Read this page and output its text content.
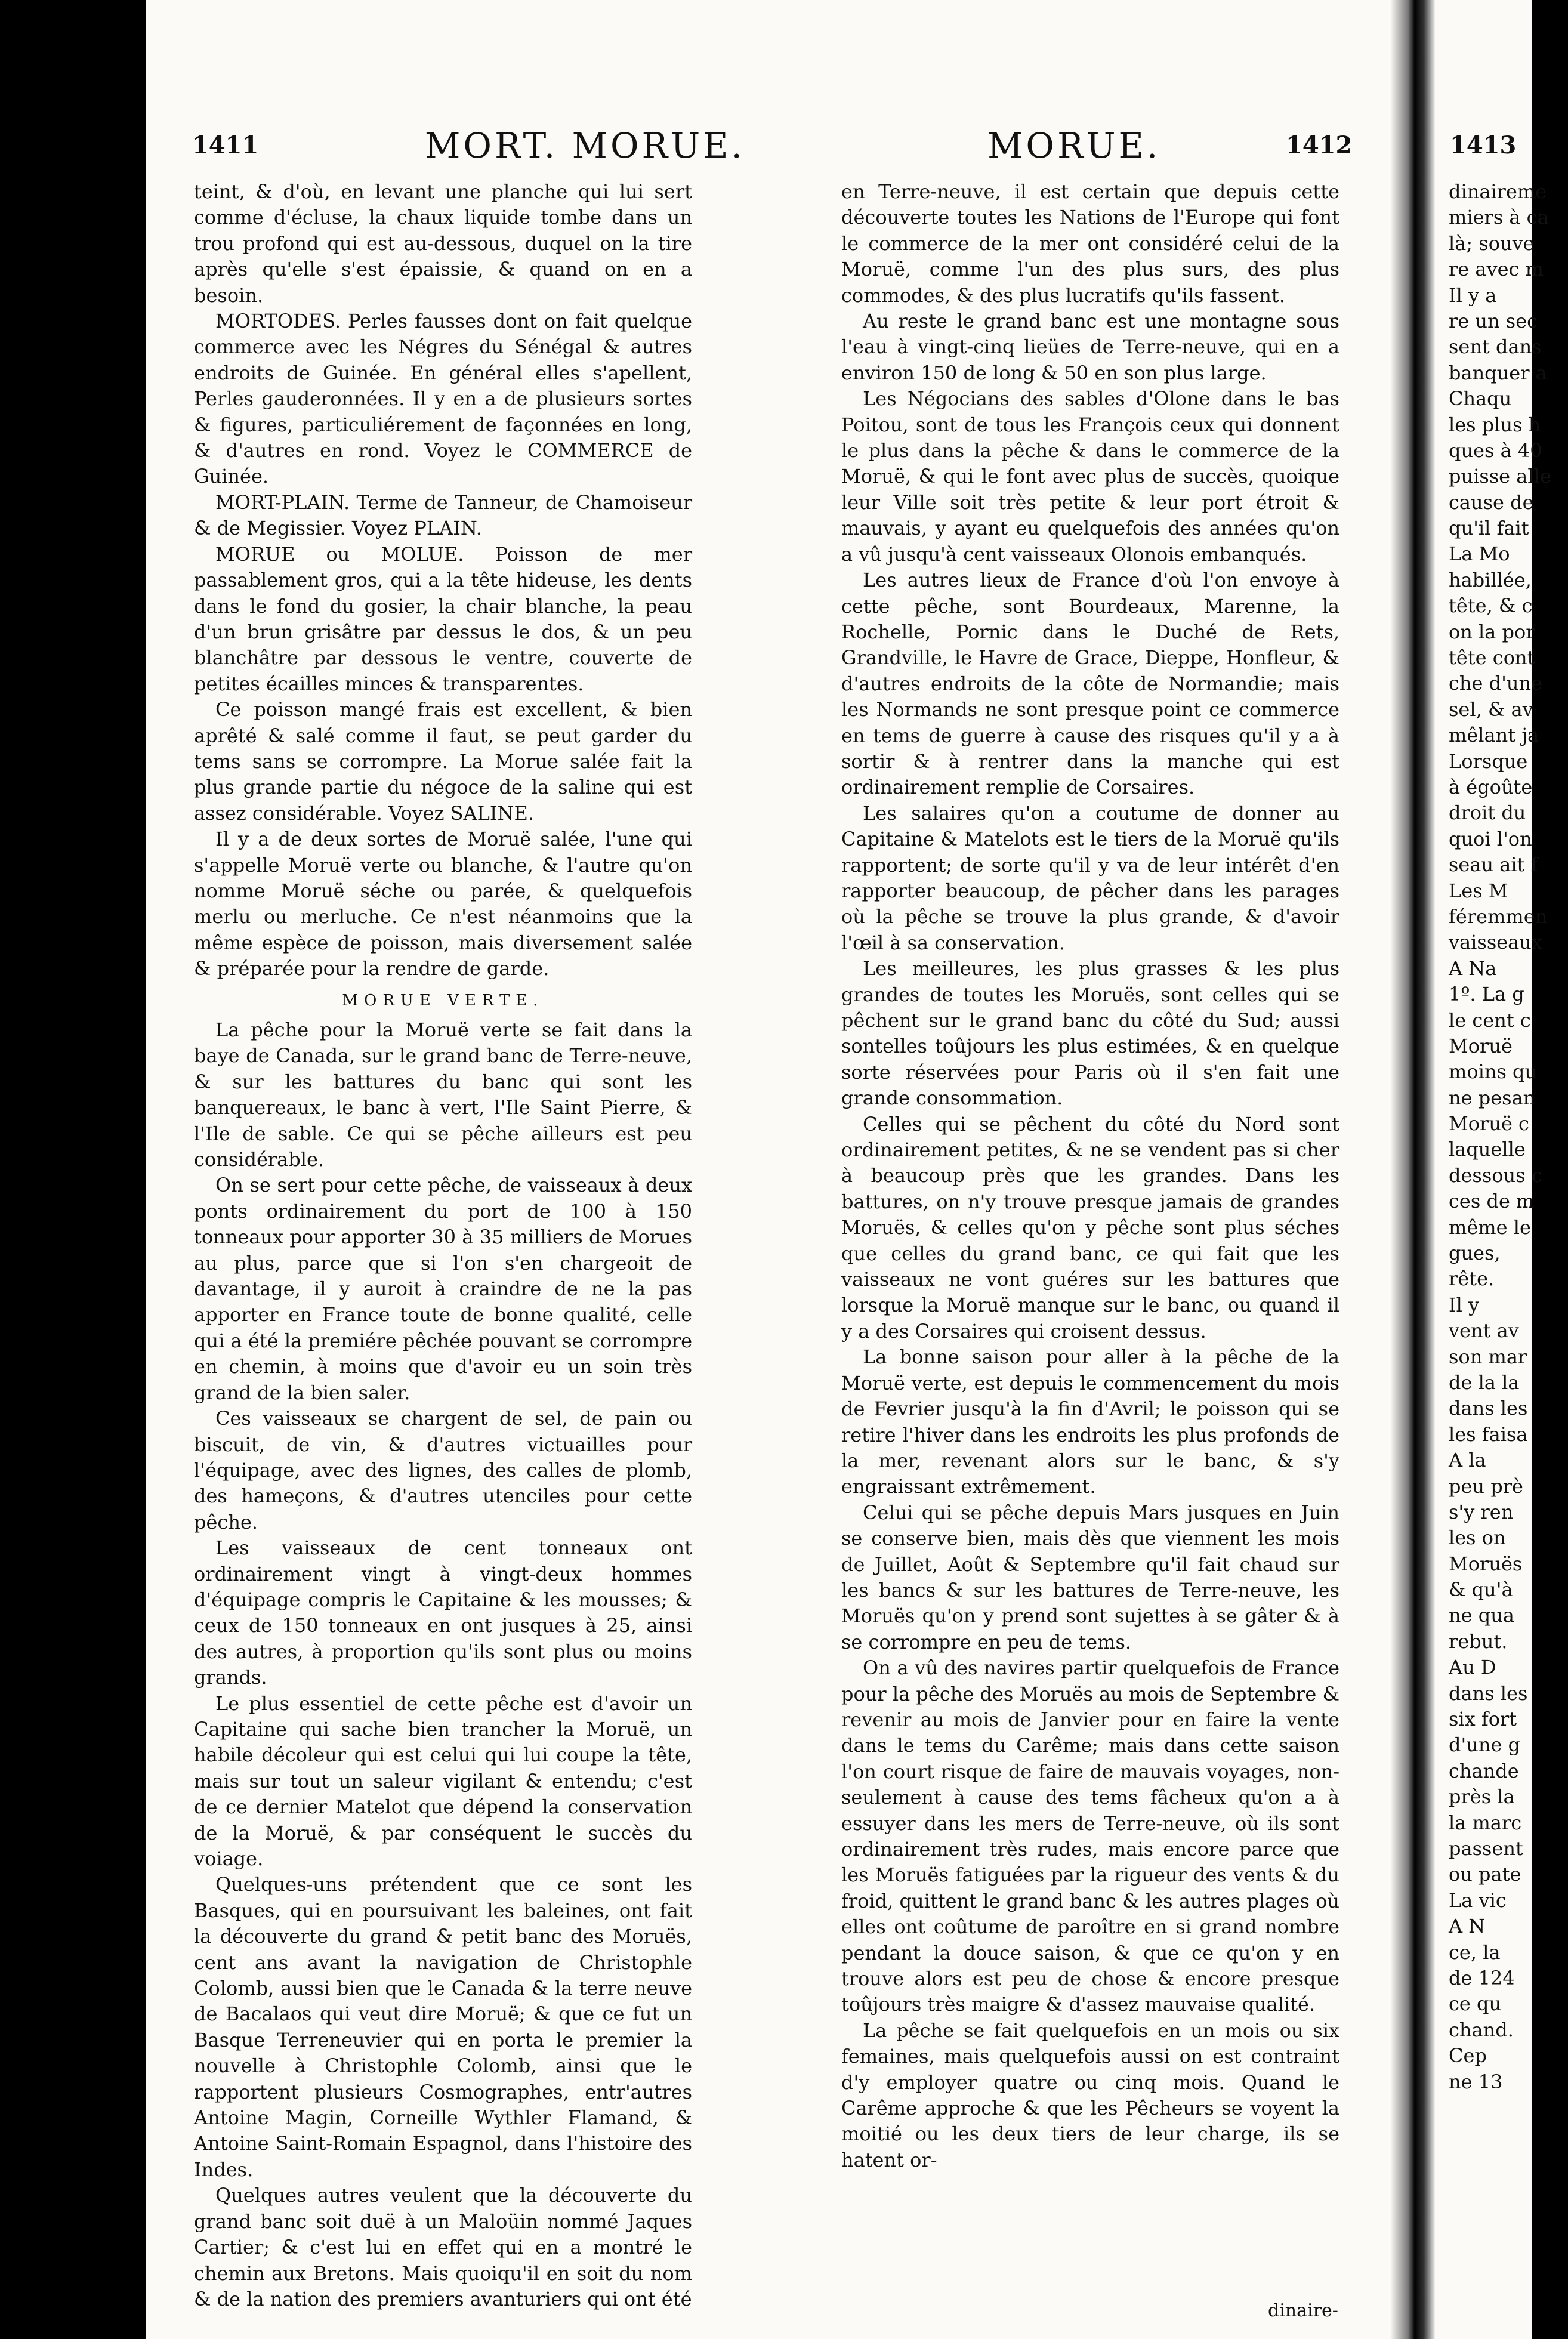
1411	MORT. MORUE.	MORUE.	1412	1413

teint, & d'où, en levant une planche qui lui sert comme d'écluse, la chaux liquide tombe dans un trou profond qui est au-dessous, duquel on la tire après qu'elle s'est épaissie, & quand on en a besoin.

MORTODES. Perles fausses dont on fait quelque commerce avec les Négres du Sénégal & autres endroits de Guinée. En général elles s'apellent, Perles gauderonnées. Il y en a de plusieurs sortes & figures, particuliérement de façonnées en long, & d'autres en rond. Voyez le COMMERCE de Guinée.

MORT-PLAIN. Terme de Tanneur, de Chamoiseur & de Megissier. Voyez PLAIN.

MORUE ou MOLUE. Poisson de mer passablement gros, qui a la tête hideuse, les dents dans le fond du gosier, la chair blanche, la peau d'un brun grisâtre par dessus le dos, & un peu blanchâtre par dessous le ventre, couverte de petites écailles minces & transparentes.

Ce poisson mangé frais est excellent, & bien aprêté & salé comme il faut, se peut garder du tems sans se corrompre. La Morue salée fait la plus grande partie du négoce de la saline qui est assez considérable. Voyez SALINE.

Il y a de deux sortes de Moruë salée, l'une qui s'appelle Moruë verte ou blanche, & l'autre qu'on nomme Moruë séche ou parée, & quelquefois merlu ou merluche. Ce n'est néanmoins que la même espèce de poisson, mais diversement salée & préparée pour la rendre de garde.

MORUE VERTE.

La pêche pour la Moruë verte se fait dans la baye de Canada, sur le grand banc de Terre-neuve, & sur les battures du banc qui sont les banquereaux, le banc à vert, l'Ile Saint Pierre, & l'Ile de sable. Ce qui se pêche ailleurs est peu considérable.

On se sert pour cette pêche, de vaisseaux à deux ponts ordinairement du port de 100 à 150 tonneaux pour apporter 30 à 35 milliers de Morues au plus, parce que si l'on s'en chargeoit de davantage, il y auroit à craindre de ne la pas apporter en France toute de bonne qualité, celle qui a été la premiére pêchée pouvant se corrompre en chemin, à moins que d'avoir eu un soin très grand de la bien saler.

Ces vaisseaux se chargent de sel, de pain ou biscuit, de vin, & d'autres victuailles pour l'équipage, avec des lignes, des calles de plomb, des hameçons, & d'autres utenciles pour cette pêche.

Les vaisseaux de cent tonneaux ont ordinairement vingt à vingt-deux hommes d'équipage compris le Capitaine & les mousses; & ceux de 150 tonneaux en ont jusques à 25, ainsi des autres, à proportion qu'ils sont plus ou moins grands.

Le plus essentiel de cette pêche est d'avoir un Capitaine qui sache bien trancher la Moruë, un habile décoleur qui est celui qui lui coupe la tête, mais sur tout un saleur vigilant & entendu; c'est de ce dernier Matelot que dépend la conservation de la Moruë, & par conséquent le succès du voiage.

Quelques-uns prétendent que ce sont les Basques, qui en poursuivant les baleines, ont fait la découverte du grand & petit banc des Moruës, cent ans avant la navigation de Christophle Colomb, aussi bien que le Canada & la terre neuve de Bacalaos qui veut dire Moruë; & que ce fut un Basque Terreneuvier qui en porta le premier la nouvelle à Christophle Colomb, ainsi que le rapportent plusieurs Cosmographes, entr'autres Antoine Magin, Corneille Wythler Flamand, & Antoine Saint-Romain Espagnol, dans l'histoire des Indes.

Quelques autres veulent que la découverte du grand banc soit duë à un Maloüin nommé Jaques Cartier; & c'est lui en effet qui en a montré le chemin aux Bretons. Mais quoiqu'il en soit du nom & de la nation des premiers avanturiers qui ont été

en Terre-neuve, il est certain que depuis cette découverte toutes les Nations de l'Europe qui font le commerce de la mer ont considéré celui de la Moruë, comme l'un des plus surs, des plus commodes, & des plus lucratifs qu'ils fassent.

Au reste le grand banc est une montagne sous l'eau à vingt-cinq lieües de Terre-neuve, qui en a environ 150 de long & 50 en son plus large.

Les Négocians des sables d'Olone dans le bas Poitou, sont de tous les François ceux qui donnent le plus dans la pêche & dans le commerce de la Moruë, & qui le font avec plus de succès, quoique leur Ville soit très petite & leur port étroit & mauvais, y ayant eu quelquefois des années qu'on a vû jusqu'à cent vaisseaux Olonois embanqués.

Les autres lieux de France d'où l'on envoye à cette pêche, sont Bourdeaux, Marenne, la Rochelle, Pornic dans le Duché de Rets, Grandville, le Havre de Grace, Dieppe, Honfleur, & d'autres endroits de la côte de Normandie; mais les Normands ne sont presque point ce commerce en tems de guerre à cause des risques qu'il y a à sortir & à rentrer dans la manche qui est ordinairement remplie de Corsaires.

Les salaires qu'on a coutume de donner au Capitaine & Matelots est le tiers de la Moruë qu'ils rapportent; de sorte qu'il y va de leur intérêt d'en rapporter beaucoup, de pêcher dans les parages où la pêche se trouve la plus grande, & d'avoir l'œil à sa conservation.

Les meilleures, les plus grasses & les plus grandes de toutes les Moruës, sont celles qui se pêchent sur le grand banc du côté du Sud; aussi sontelles toûjours les plus estimées, & en quelque sorte réservées pour Paris où il s'en fait une grande consommation.

Celles qui se pêchent du côté du Nord sont ordinairement petites, & ne se vendent pas si cher à beaucoup près que les grandes. Dans les battures, on n'y trouve presque jamais de grandes Moruës, & celles qu'on y pêche sont plus séches que celles du grand banc, ce qui fait que les vaisseaux ne vont guéres sur les battures que lorsque la Moruë manque sur le banc, ou quand il y a des Corsaires qui croisent dessus.

La bonne saison pour aller à la pêche de la Moruë verte, est depuis le commencement du mois de Fevrier jusqu'à la fin d'Avril; le poisson qui se retire l'hiver dans les endroits les plus profonds de la mer, revenant alors sur le banc, & s'y engraissant extrêmement.

Celui qui se pêche depuis Mars jusques en Juin se conserve bien, mais dès que viennent les mois de Juillet, Août & Septembre qu'il fait chaud sur les bancs & sur les battures de Terre-neuve, les Moruës qu'on y prend sont sujettes à se gâter & à se corrompre en peu de tems.

On a vû des navires partir quelquefois de France pour la pêche des Moruës au mois de Septembre & revenir au mois de Janvier pour en faire la vente dans le tems du Carême; mais dans cette saison l'on court risque de faire de mauvais voyages, non-seulement à cause des tems fâcheux qu'on a à essuyer dans les mers de Terre-neuve, où ils sont ordinairement très rudes, mais encore parce que les Moruës fatiguées par la rigueur des vents & du froid, quittent le grand banc & les autres plages où elles ont coûtume de paroître en si grand nombre pendant la douce saison, & que ce qu'on y en trouve alors est peu de chose & encore presque toûjours très maigre & d'assez mauvaise qualité.

La pêche se fait quelquefois en un mois ou six femaines, mais quelquefois aussi on est contraint d'y employer quatre ou cinq mois. Quand le Carême approche & que les Pêcheurs se voyent la moitié ou les deux tiers de leur charge, ils se hatent or-

dinaire-
dinaireme
miers à ca
là; souve
re avec m
Il y a
re un sec
sent dans
banquer a
Chaqu
les plus h
ques à 40
puisse alle
cause de
qu'il fait
La Mo
habillée,
tête, & c
on la por
tête cont
che d'une
sel, & av
mêlant ja
Lorsque
à égoûte
droit du
quoi l'on
seau ait f
Les M
féremmen
vaisseaux
A Na
1º. La g
le cent c
Moruë
moins qu
ne pesan
Moruë c
laquelle
dessous c
ces de m
même le
gues,
rête.
Il y
vent av
son mar
de la la
dans les
les faisa
A la
peu prè
s'y ren
les on
Moruës
& qu'à
ne qua
rebut.
Au D
dans les
six fort
d'une g
chande
près la
la marc
passent
ou pate
La vic
A N
ce, la
de 124
ce qu
chand.
Cep
ne 13
